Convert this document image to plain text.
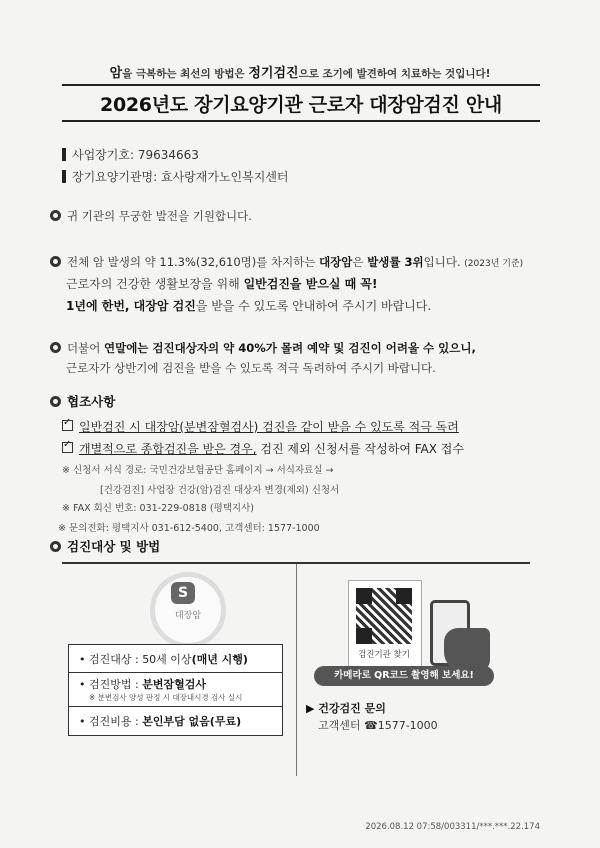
암을 극복하는 최선의 방법은 정기검진으로 조기에 발견하여 치료하는 것입니다!
2026년도 장기요양기관 근로자 대장암검진 안내
사업장기호: 79634663
장기요양기관명: 효사랑재가노인복지센터
귀 기관의 무궁한 발전을 기원합니다.
전체 암 발생의 약 11.3%(32,610명)를 차지하는 대장암은 발생률 3위입니다. (2023년 기준)
근로자의 건강한 생활보장을 위해 일반검진을 받으실 때 꼭!
1년에 한번, 대장암 검진을 받을 수 있도록 안내하여 주시기 바랍니다.
더불어 연말에는 검진대상자의 약 40%가 몰려 예약 및 검진이 어려울 수 있으니,
근로자가 상반기에 검진을 받을 수 있도록 적극 독려하여 주시기 바랍니다.
협조사항
✓일반검진 시 대장암(분변잠혈검사) 검진을 같이 받을 수 있도록 적극 독려
✓개별적으로 종합검진을 받은 경우, 검진 제외 신청서를 작성하여 FAX 접수
※ 신청서 서식 경로: 국민건강보험공단 홈페이지 → 서식자료실 →
[건강검진] 사업장 건강(암)검진 대상자 변경(제외) 신청서
※ FAX 회신 번호: 031-229-0818 (평택지사)
※ 문의전화: 평택지사 031-612-5400, 고객센터: 1577-1000
검진대상 및 방법
S
대장암
• 검진대상 : 50세 이상(매년 시행)
• 검진방법 : 분변잠혈검사
※ 분변검사 양성 판정 시 대장내시경 검사 실시
• 검진비용 : 본인부담 없음(무료)
검진기관 찾기
카메라로 QR코드 촬영해 보세요!
▶ 건강검진 문의
고객센터 ☎1577-1000
2026.08.12 07:58/003311/***.***.22.174
